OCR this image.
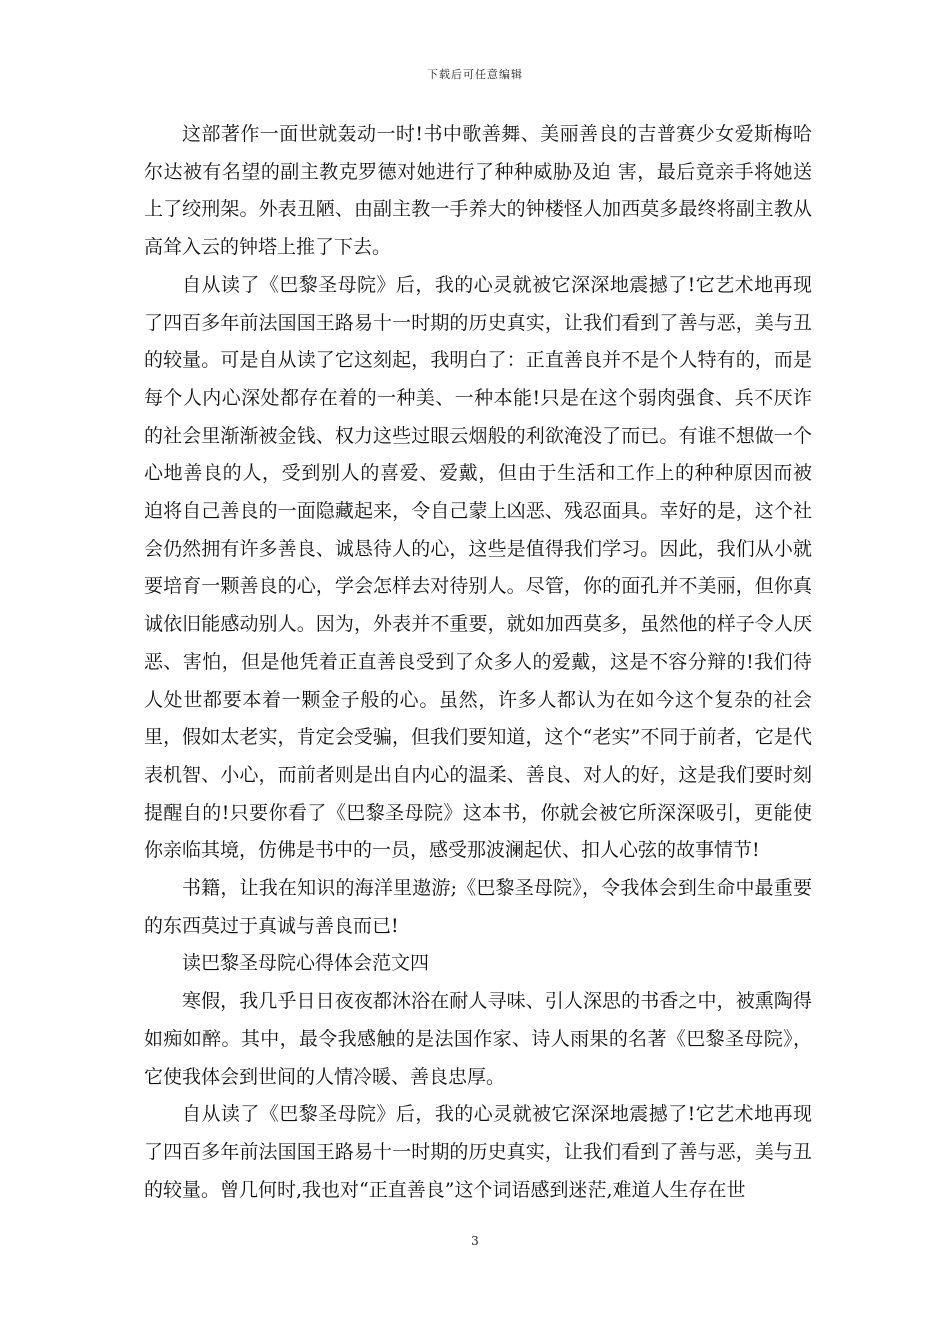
下载后可任意编辑

这部著作一面世就轰动一时!书中歌善舞、美丽善良的吉普赛少女爱斯梅哈尔达被有名望的副主教克罗德对她进行了种种威胁及迫 害，最后竟亲手将她送上了绞刑架。外表丑陋、由副主教一手养大的钟楼怪人加西莫多最终将副主教从高耸入云的钟塔上推了下去。

自从读了《巴黎圣母院》后，我的心灵就被它深深地震撼了!它艺术地再现了四百多年前法国国王路易十一时期的历史真实，让我们看到了善与恶，美与丑的较量。可是自从读了它这刻起，我明白了：正直善良并不是个人特有的，而是每个人内心深处都存在着的一种美、一种本能!只是在这个弱肉强食、兵不厌诈的社会里渐渐被金钱、权力这些过眼云烟般的利欲淹没了而已。有谁不想做一个心地善良的人，受到别人的喜爱、爱戴，但由于生活和工作上的种种原因而被 迫将自己善良的一面隐藏起来，令自己蒙上凶恶、残忍面具。幸好的是，这个社会仍然拥有许多善良、诚恳待人的心，这些是值得我们学习。因此，我们从小就要培育一颗善良的心，学会怎样去对待别人。尽管，你的面孔并不美丽，但你真诚依旧能感动别人。因为，外表并不重要，就如加西莫多，虽然他的样子令人厌恶、害怕，但是他凭着正直善良受到了众多人的爱戴，这是不容分辩的!我们待人处世都要本着一颗金子般的心。虽然，许多人都认为在如今这个复杂的社会里，假如太老实，肯定会受骗，但我们要知道，这个“老实”不同于前者，它是代表机智、小心，而前者则是出自内心的温柔、善良、对人的好，这是我们要时刻提醒自的!只要你看了《巴黎圣母院》这本书，你就会被它所深深吸引，更能使你亲临其境，仿佛是书中的一员，感受那波澜起伏、扣人心弦的故事情节!

书籍，让我在知识的海洋里遨游;《巴黎圣母院》，令我体会到生命中最重要的东西莫过于真诚与善良而已!

读巴黎圣母院心得体会范文四

寒假，我几乎日日夜夜都沐浴在耐人寻味、引人深思的书香之中，被熏陶得如痴如醉。其中，最令我感触的是法国作家、诗人雨果的名著《巴黎圣母院》，它使我体会到世间的人情冷暖、善良忠厚。

自从读了《巴黎圣母院》后，我的心灵就被它深深地震撼了!它艺术地再现了四百多年前法国国王路易十一时期的历史真实，让我们看到了善与恶，美与丑的较量。曾几何时,我也对“正直善良”这个词语感到迷茫,难道人生存在世

3
